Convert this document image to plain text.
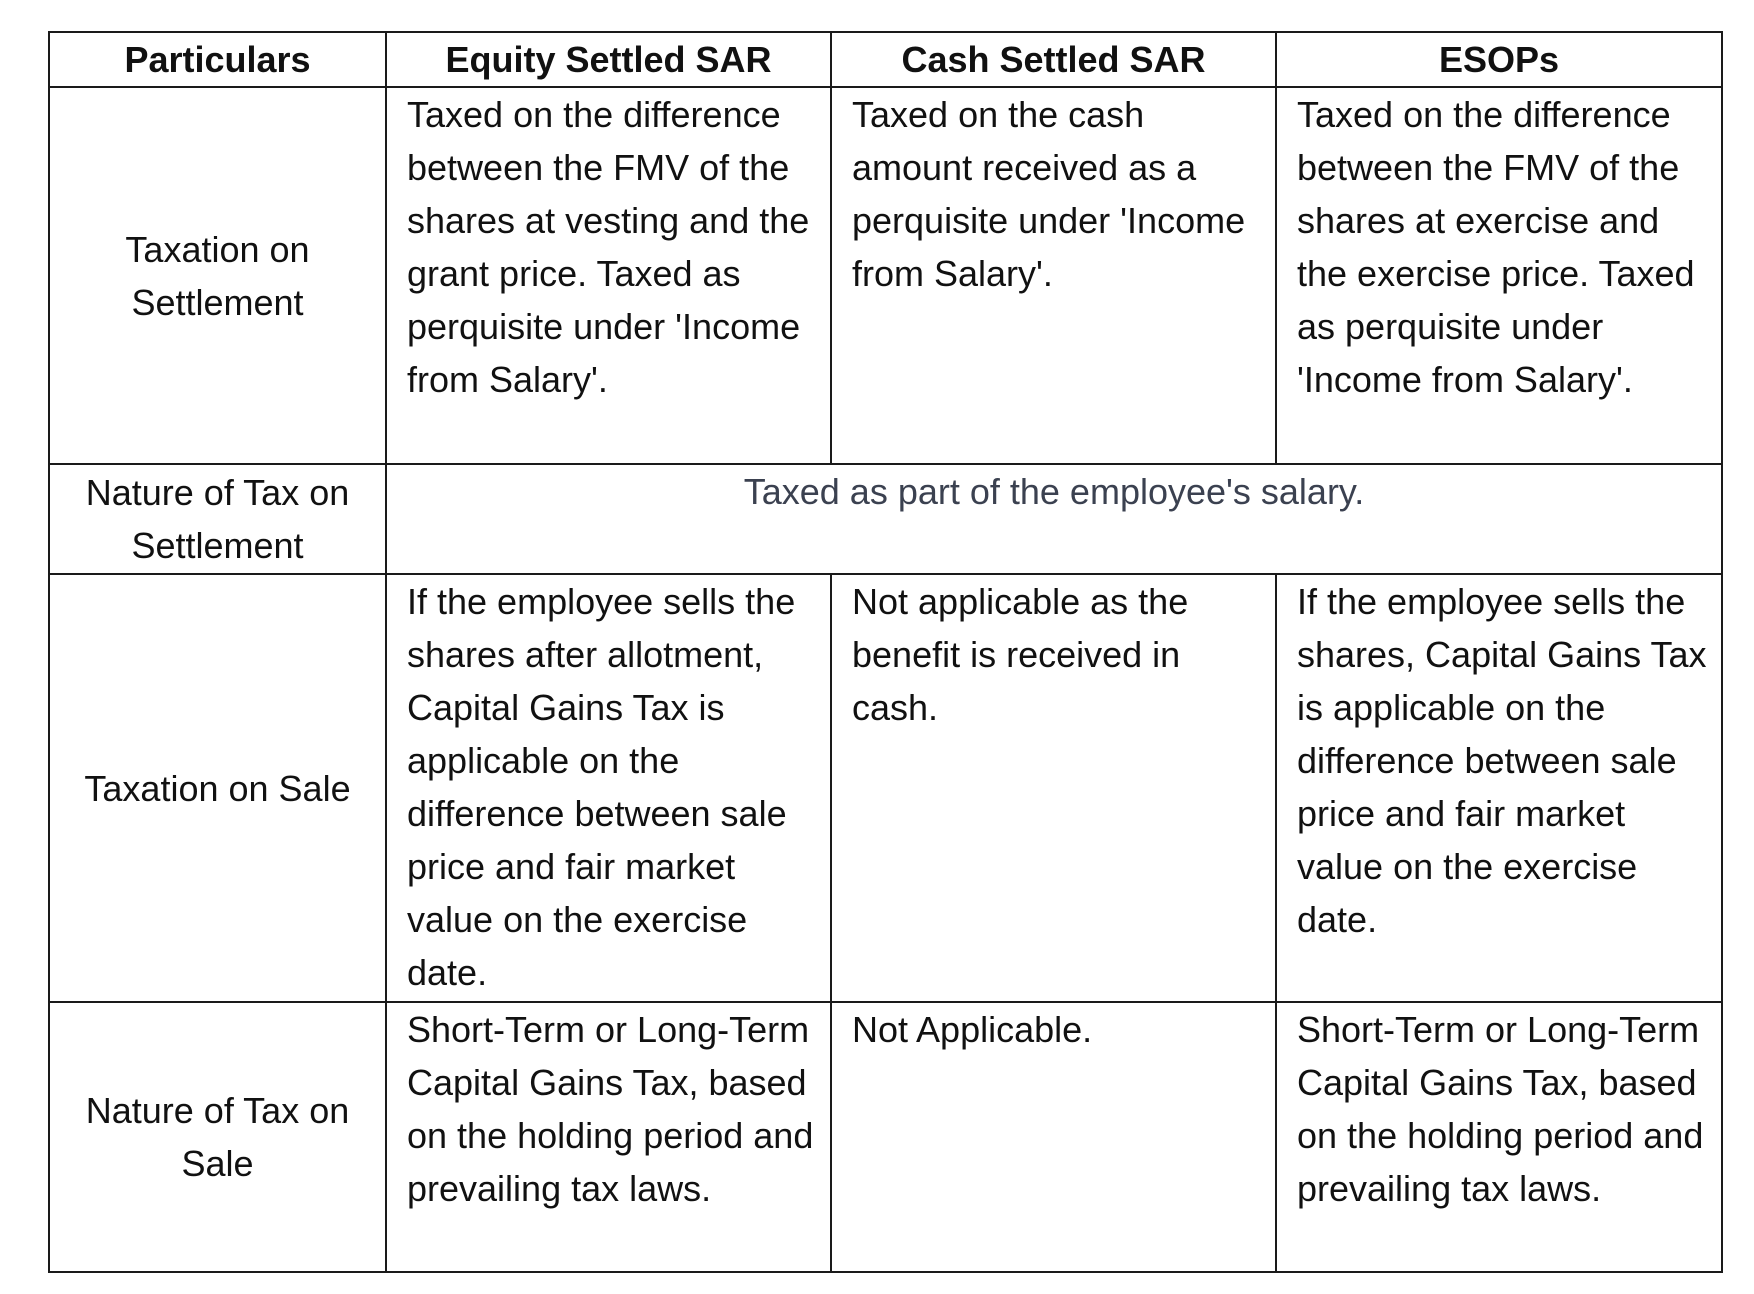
Particulars	Equity Settled SAR	Cash Settled SAR	ESOPs
Taxation on Settlement	Taxed on the difference between the FMV of the shares at vesting and the grant price. Taxed as perquisite under 'Income from Salary'.	Taxed on the cash amount received as a perquisite under 'Income from Salary'.	Taxed on the difference between the FMV of the shares at exercise and the exercise price. Taxed as perquisite under 'Income from Salary'.
Nature of Tax on Settlement	Taxed as part of the employee's salary.		
Taxation on Sale	If the employee sells the shares after allotment, Capital Gains Tax is applicable on the difference between sale price and fair market value on the exercise date.	Not applicable as the benefit is received in cash.	If the employee sells the shares, Capital Gains Tax is applicable on the difference between sale price and fair market value on the exercise date.
Nature of Tax on Sale	Short-Term or Long-Term Capital Gains Tax, based on the holding period and prevailing tax laws.	Not Applicable.	Short-Term or Long-Term Capital Gains Tax, based on the holding period and prevailing tax laws.
